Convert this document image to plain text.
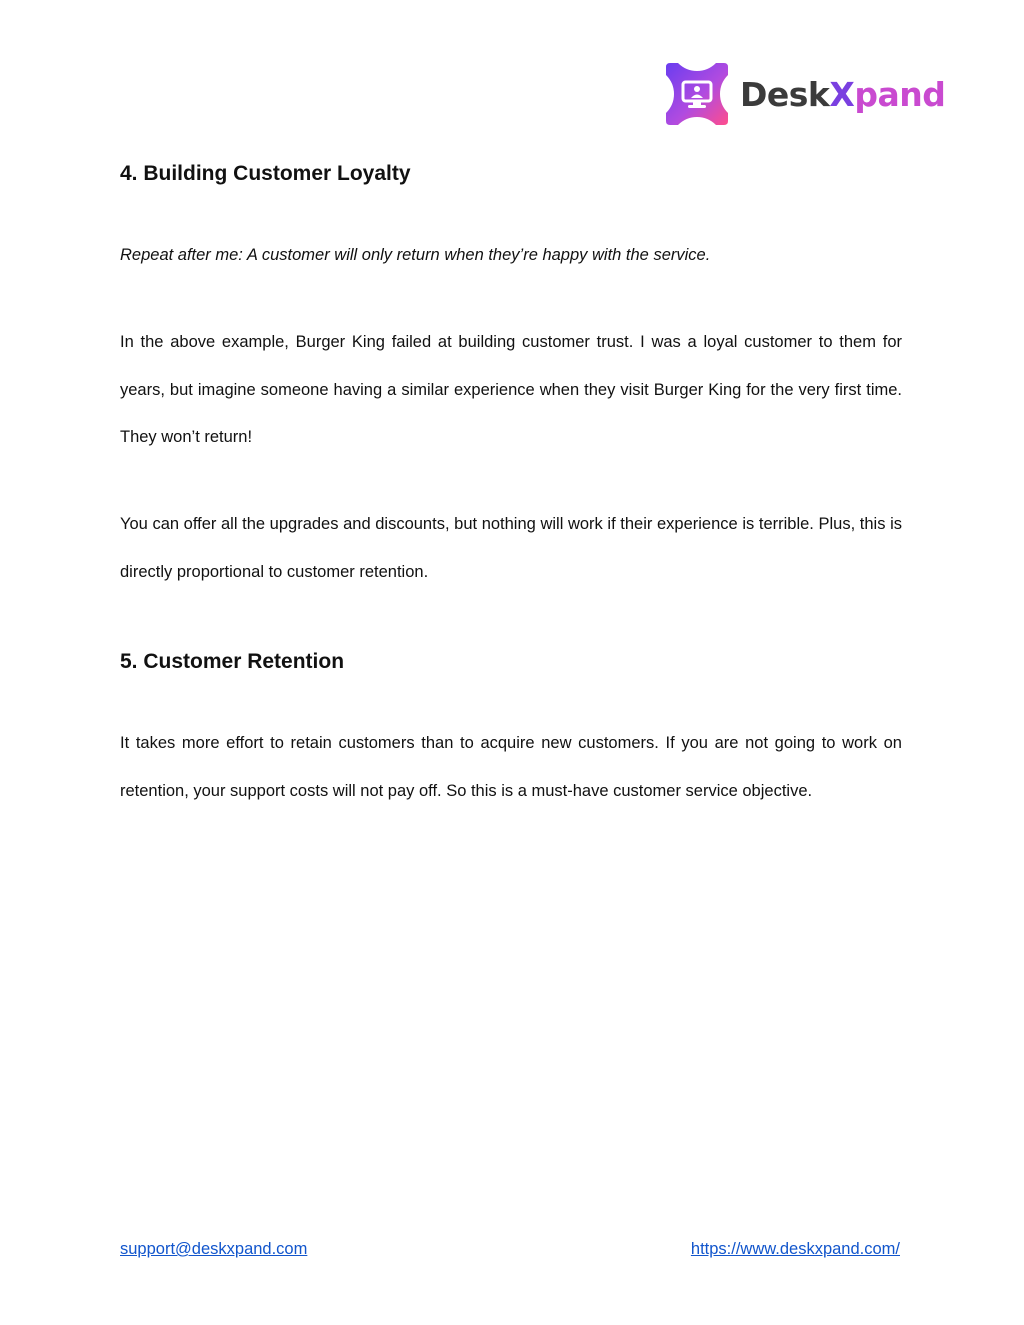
Desk X pand
4. Building Customer Loyalty

Repeat after me: A customer will only return when they’re happy with the service.

In the above example, Burger King failed at building customer trust. I was a loyal customer to them for years, but imagine someone having a similar experience when they visit Burger King for the very first time. They won’t return!

You can offer all the upgrades and discounts, but nothing will work if their experience is terrible. Plus, this is directly proportional to customer retention.

5. Customer Retention

It takes more effort to retain customers than to acquire new customers. If you are not going to work on retention, your support costs will not pay off. So this is a must-have customer service objective.

support@deskxpand.com	https://www.deskxpand.com/
